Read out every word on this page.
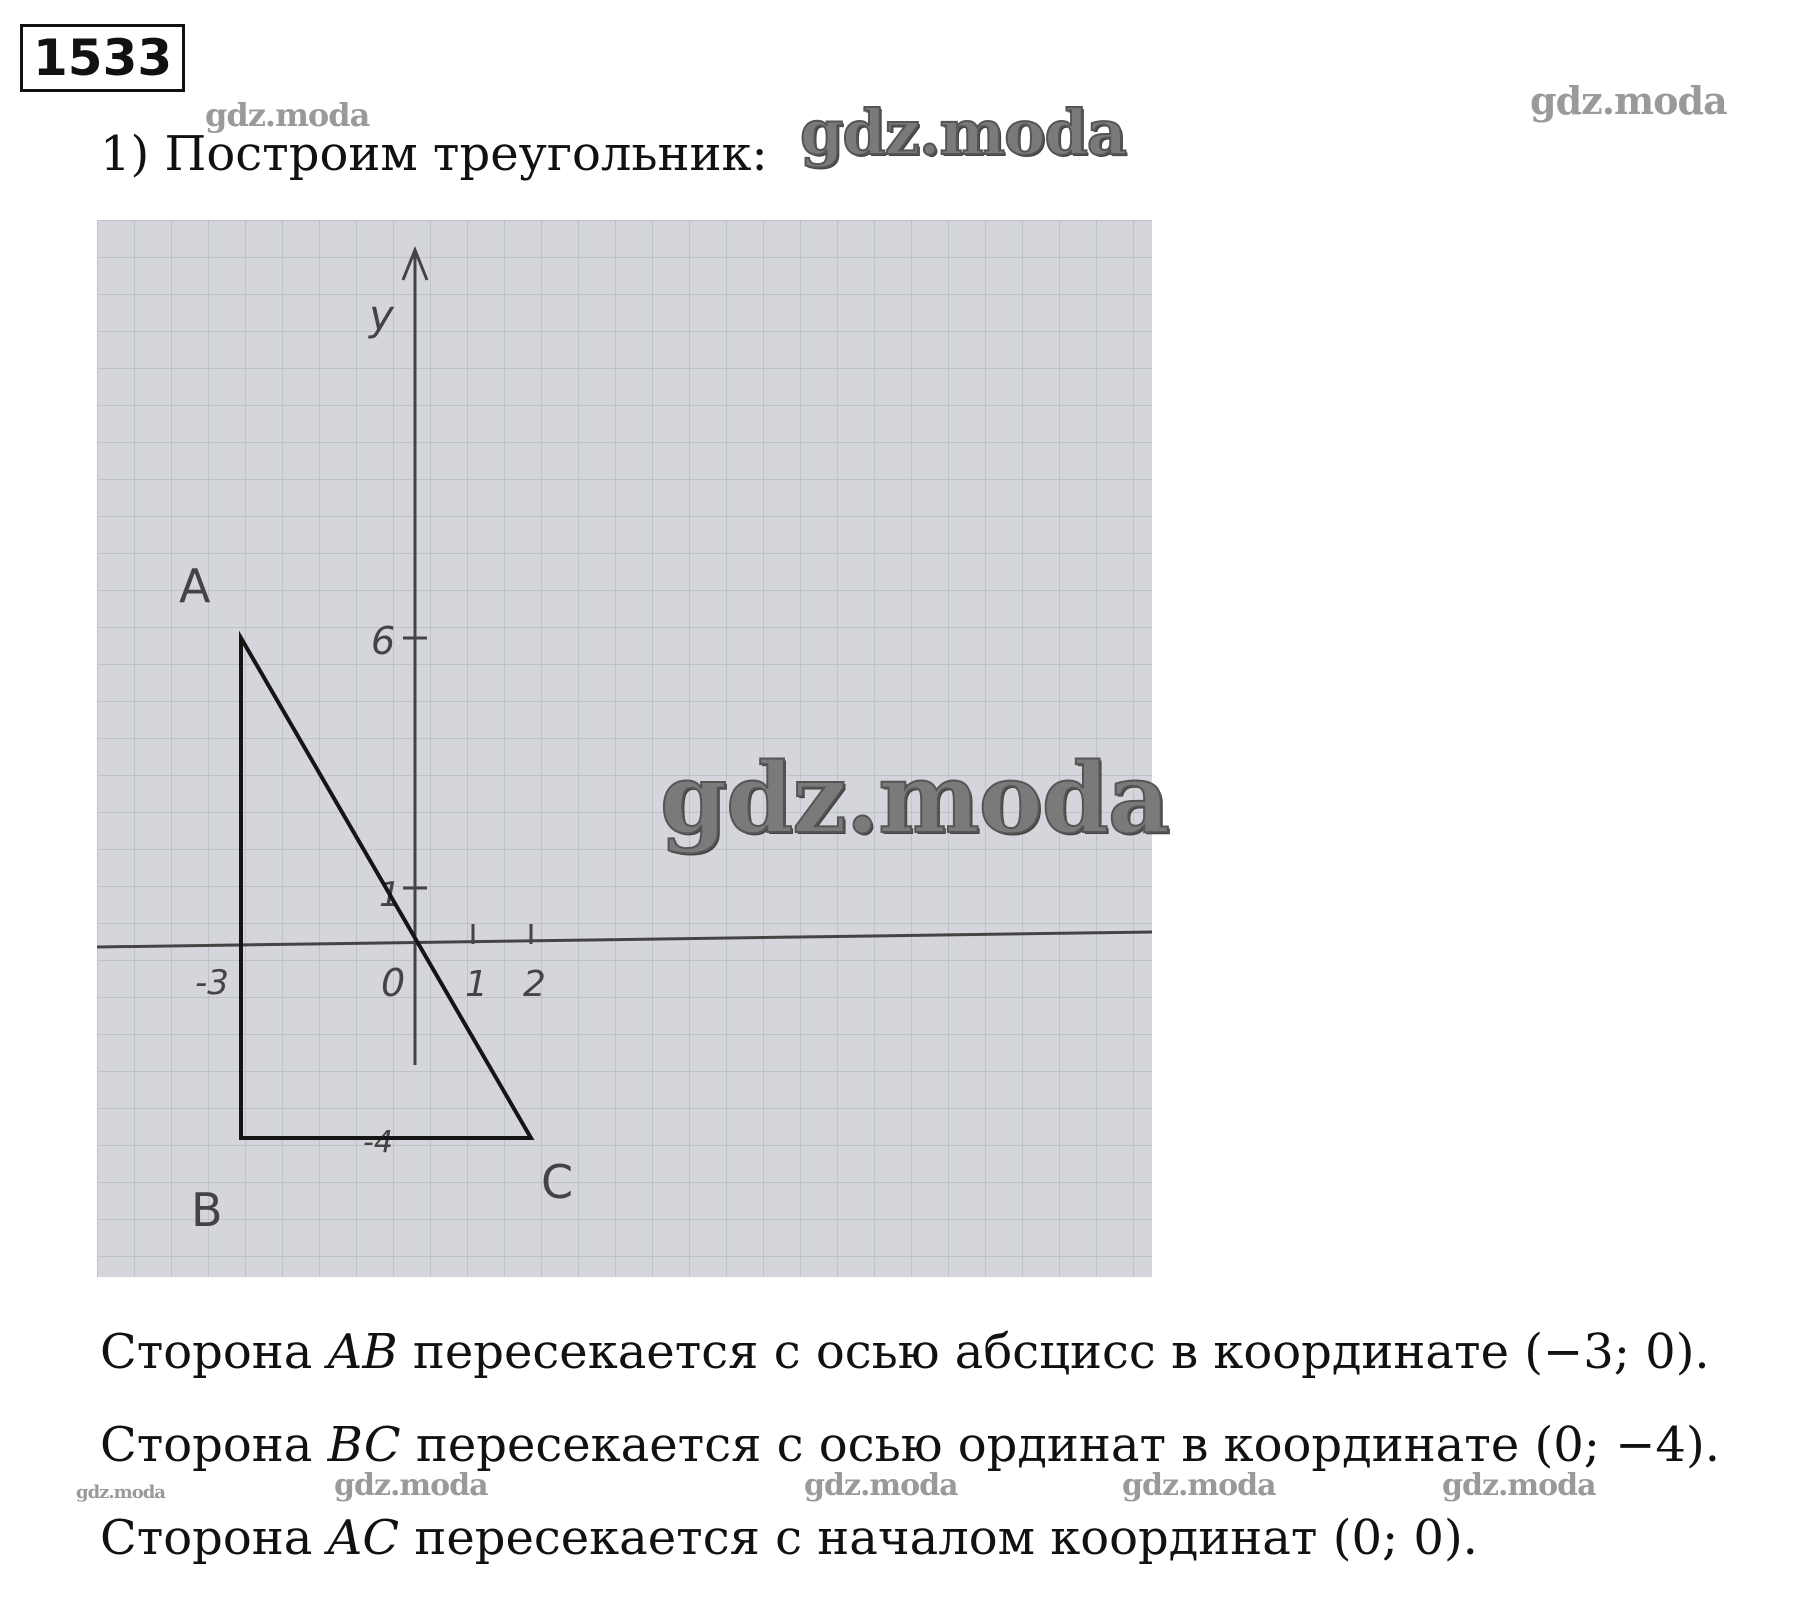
1533
1) Построим треугольник:
6
1
-4
1 2
-3	0
A
B
C
y
Сторона AB пересекается с осью абсцисс в координате (−3; 0).
Сторона BC пересекается с осью ординат в координате (0; −4).
Сторона AC пересекается с началом координат (0; 0).
gdz.moda	gdz.moda	gdz.moda
gdz.moda
gdz.moda	gdz.moda	gdz.moda	gdz.moda	gdz.moda
